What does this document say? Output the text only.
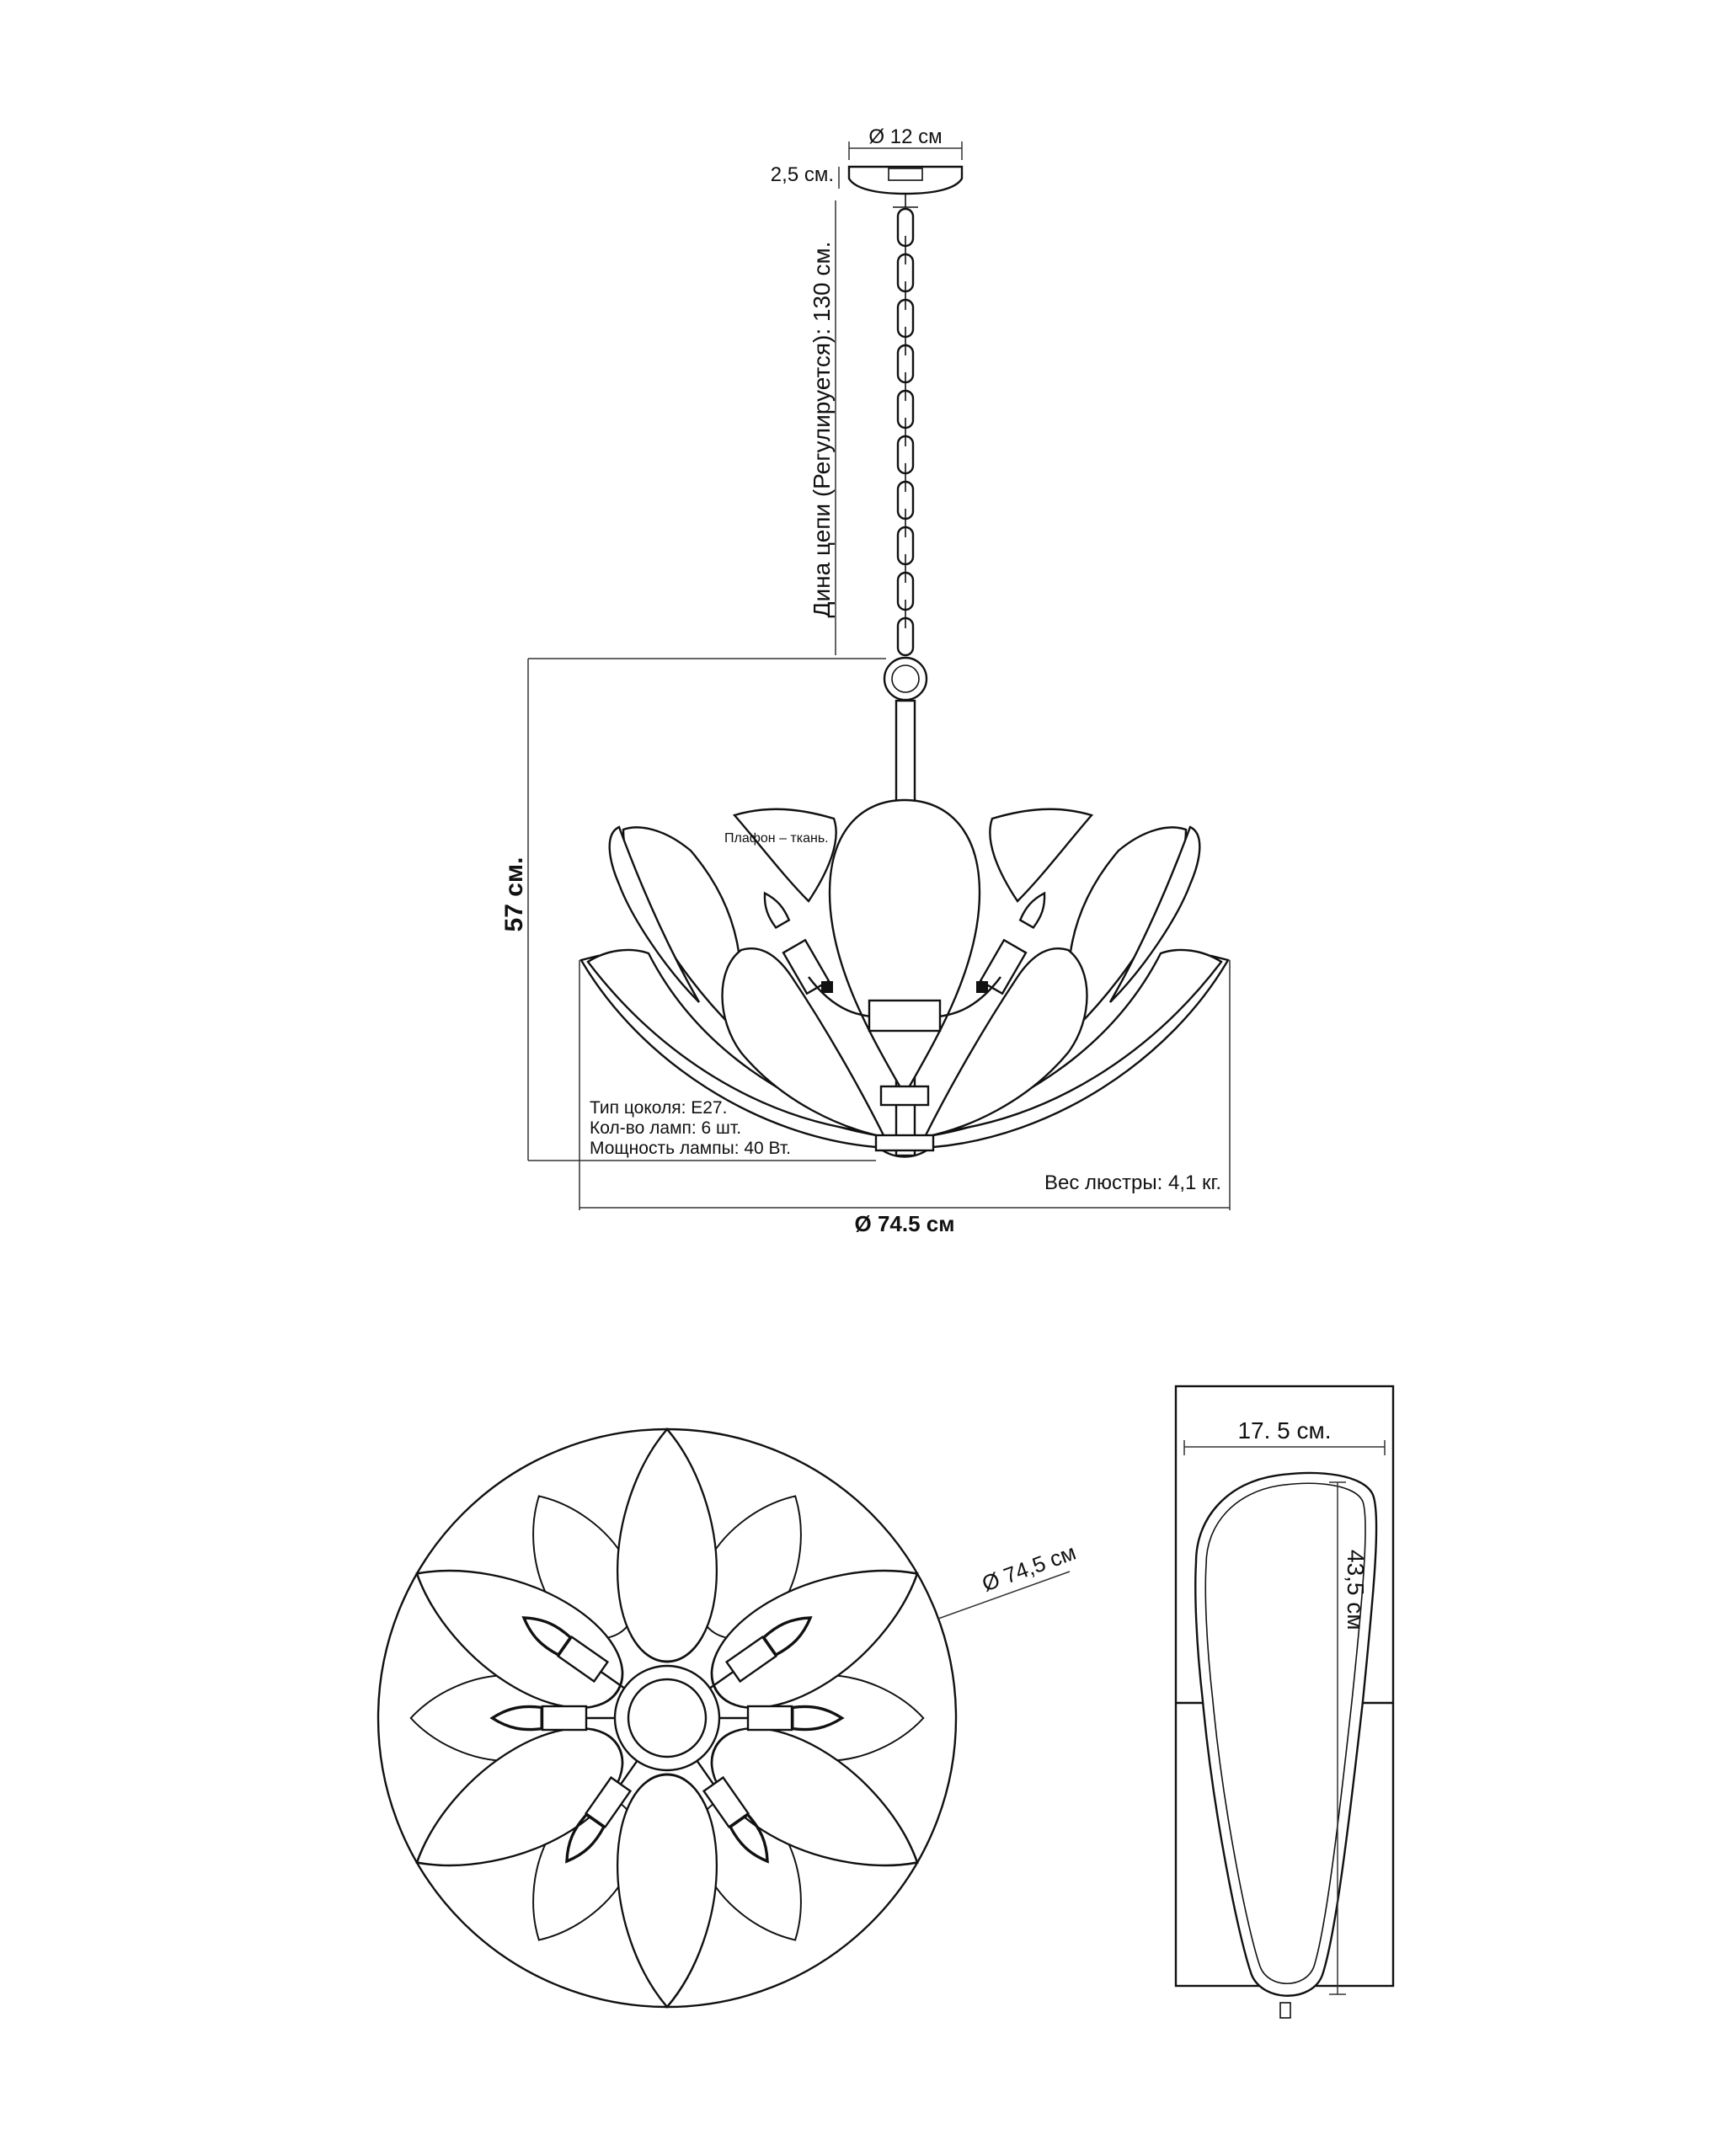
Ø 12 см
2,5 см.
Дина цепи (Регулируется): 130 см.
57 см.
Плафон – ткань.
Тип цоколя: E27.
Кол-во ламп: 6 шт.
Мощность лампы: 40 Вт.
Вес люстры: 4,1 кг.
Ø 74.5 см
Ø 74,5 см
17. 5 см.
43,5 см
